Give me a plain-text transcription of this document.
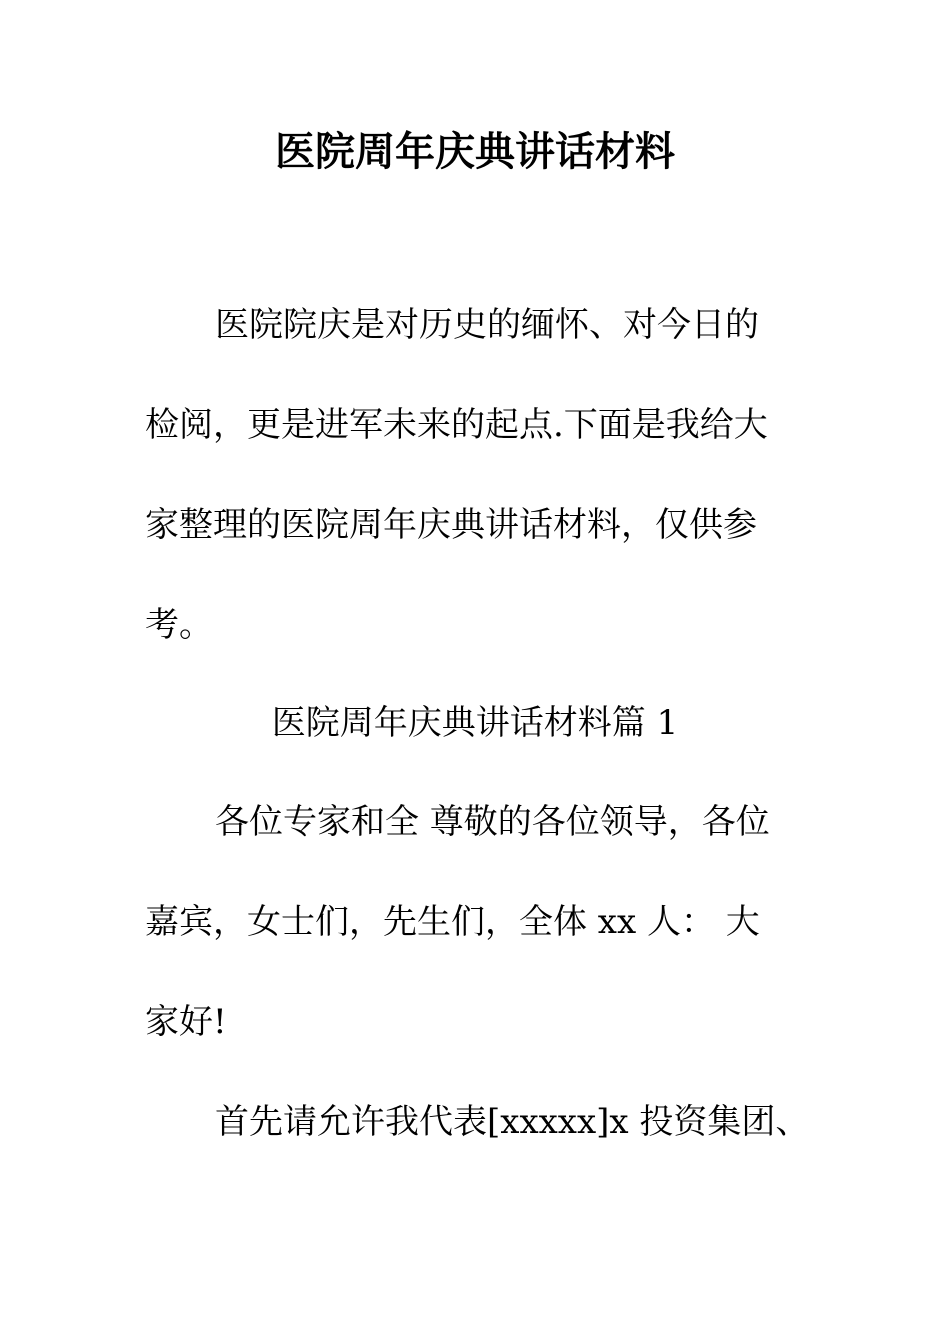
医院周年庆典讲话材料
医院院庆是对历史的缅怀、对今日的
检阅，更是进军未来的起点.下面是我给大
家整理的医院周年庆典讲话材料，仅供参
考。
医院周年庆典讲话材料篇 1
各位专家和全 尊敬的各位领导，各位
嘉宾，女士们，先生们，全体 xx 人： 大
家好!
首先请允许我代表[xxxxx]x 投资集团、
